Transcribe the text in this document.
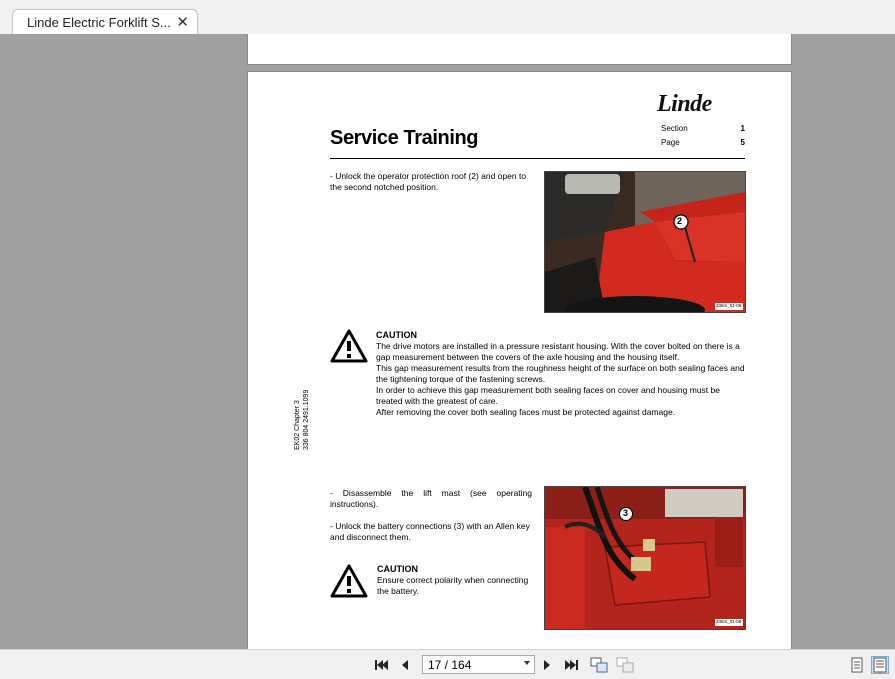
Linde Electric Forklift S... ✕
Linde
Service Training	Section	1
Page	5
- Unlock the operator protection roof (2) and open to the second notched position.
2
336m_01-06
CAUTION
The drive motors are installed in a pressure resistant housing. With the cover bolted on there is a gap measurement between the covers of the axle housing and the housing itself.
This gap measurement results from the roughness height of the surface on both sealing faces and the tightening torque of the fastening screws.
In order to achieve this gap measurement both sealing faces on cover and housing must be treated with the greatest of care.
After removing the cover both sealing faces must be protected against damage.
EK02 Chapter 3 336 804 2491.1099
- Disassemble the lift mast (see operating instructions).
- Unlock the battery connections (3) with an Allen key and disconnect them.
CAUTION
Ensure correct polarity when connecting the battery.
3
336m_01-08
17 / 164
